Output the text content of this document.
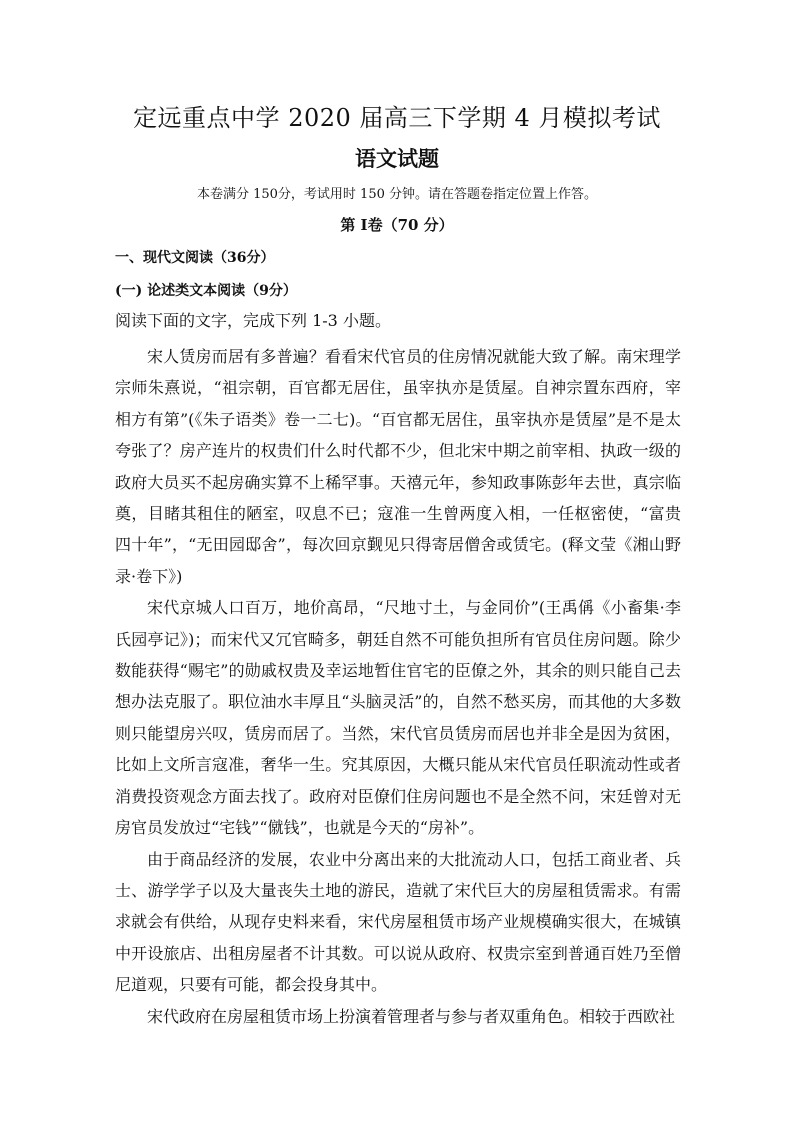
定远重点中学 2020 届高三下学期 4 月模拟考试
语文试题
本卷满分 150分，考试用时 150 分钟。请在答题卷指定位置上作答。
第 I卷（70 分）
一、现代文阅读（36分）
(一) 论述类文本阅读（9分）
阅读下面的文字，完成下列 1-3 小题。

宋人赁房而居有多普遍？看看宋代官员的住房情况就能大致了解。南宋理学宗师朱熹说，“祖宗朝，百官都无居住，虽宰执亦是赁屋。自神宗置东西府，宰相方有第”(《朱子语类》卷一二七)。“百官都无居住，虽宰执亦是赁屋”是不是太夸张了？房产连片的权贵们什么时代都不少，但北宋中期之前宰相、执政一级的政府大员买不起房确实算不上稀罕事。天禧元年，参知政事陈彭年去世，真宗临奠，目睹其租住的陋室，叹息不已；寇准一生曾两度入相，一任枢密使，“富贵四十年”，“无田园邸舍”，每次回京觐见只得寄居僧舍或赁宅。(释文莹《湘山野录·卷下》)

宋代京城人口百万，地价高昂，“尺地寸土，与金同价”(王禹偁《小畜集·李氏园亭记》)；而宋代又冗官畸多，朝廷自然不可能负担所有官员住房问题。除少数能获得“赐宅”的勋戚权贵及幸运地暂住官宅的臣僚之外，其余的则只能自己去想办法克服了。职位油水丰厚且“头脑灵活”的，自然不愁买房，而其他的大多数则只能望房兴叹，赁房而居了。当然，宋代官员赁房而居也并非全是因为贫困，比如上文所言寇准，奢华一生。究其原因，大概只能从宋代官员任职流动性或者消费投资观念方面去找了。政府对臣僚们住房问题也不是全然不问，宋廷曾对无房官员发放过“宅钱”“僦钱”，也就是今天的“房补”。

由于商品经济的发展，农业中分离出来的大批流动人口，包括工商业者、兵士、游学学子以及大量丧失土地的游民，造就了宋代巨大的房屋租赁需求。有需求就会有供给，从现存史料来看，宋代房屋租赁市场产业规模确实很大，在城镇中开设旅店、出租房屋者不计其数。可以说从政府、权贵宗室到普通百姓乃至僧尼道观，只要有可能，都会投身其中。

宋代政府在房屋租赁市场上扮演着管理者与参与者双重角色。相较于西欧社
